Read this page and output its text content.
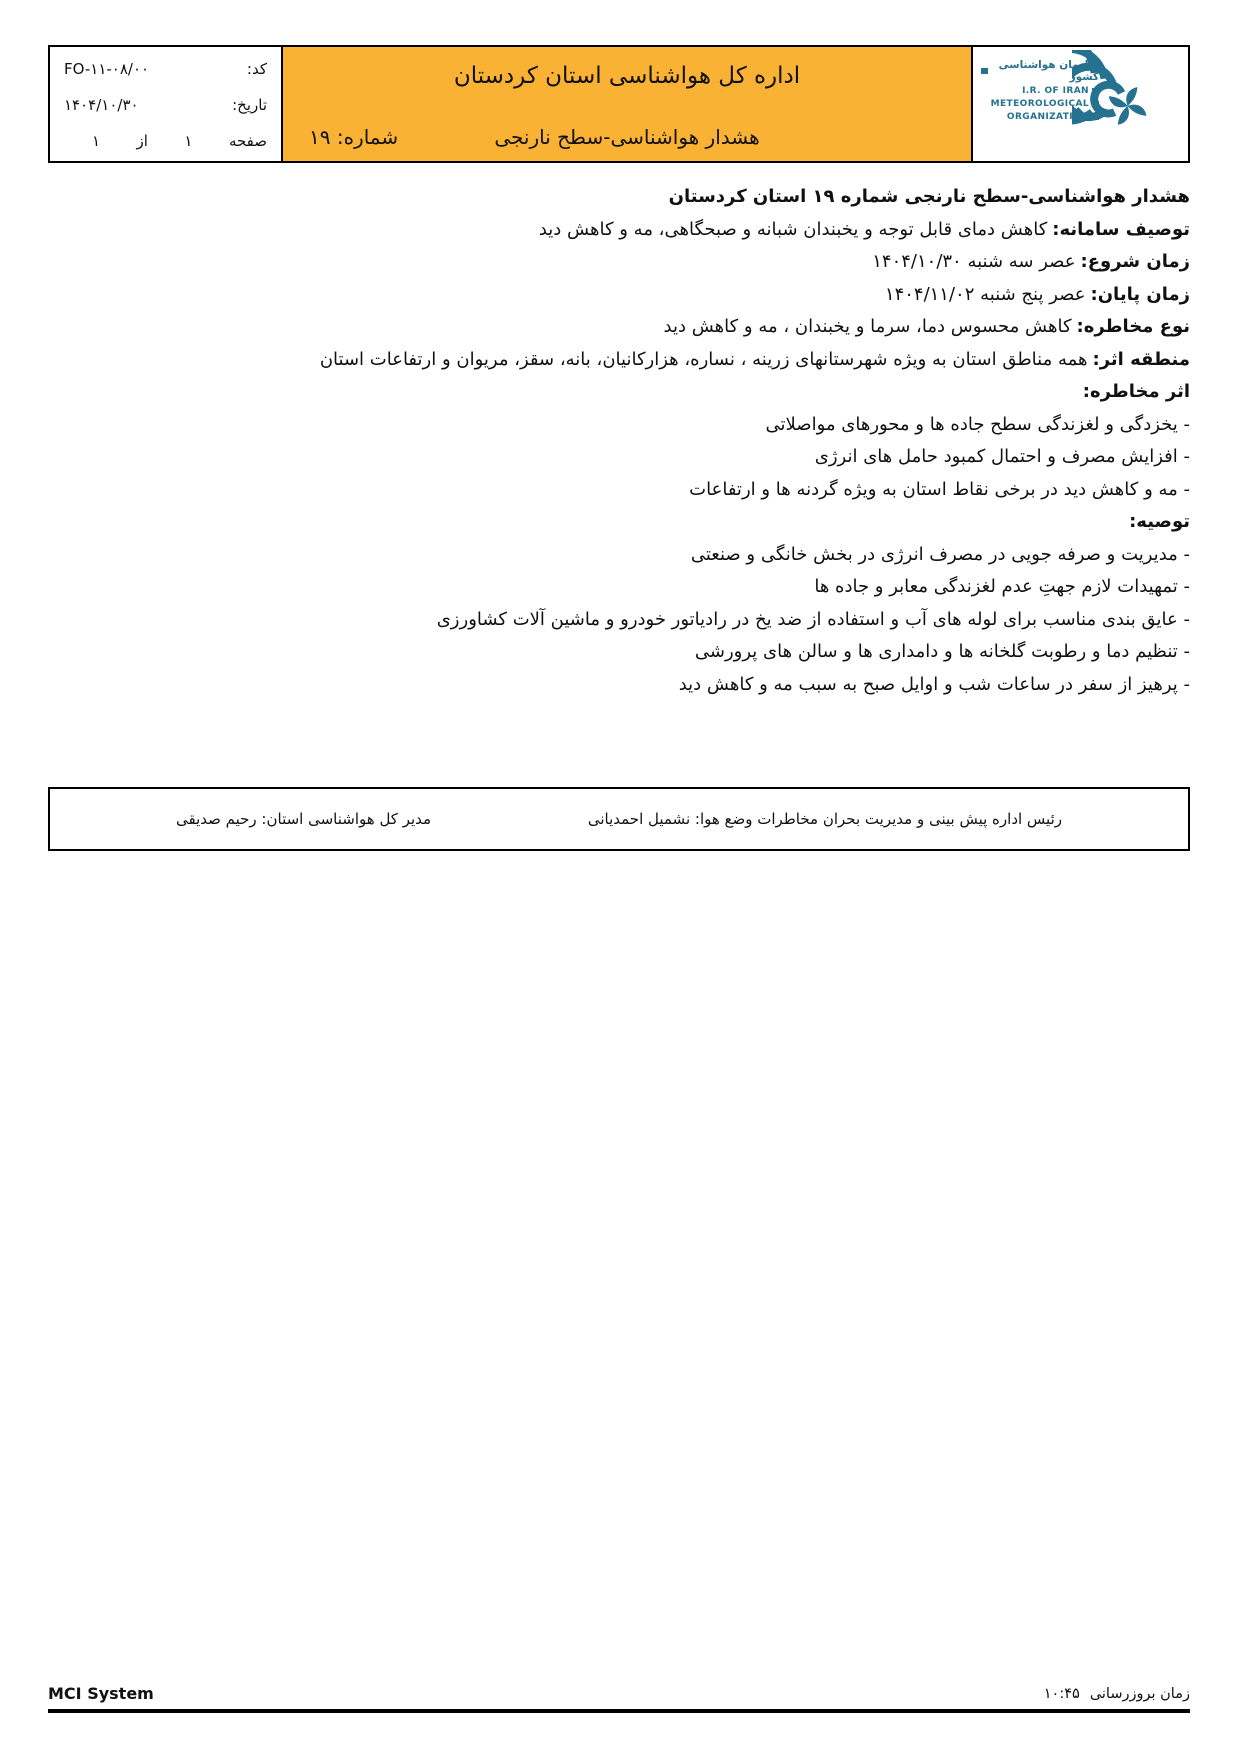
کد:
FO-۱۱-۰۸/۰۰
تاریخ:
۱۴۰۴/۱۰/۳۰
صفحه
۱
از
۱
اداره کل هواشناسی استان کردستان
هشدار هواشناسی-سطح نارنجی
شماره: ۱۹
سازمان هواشناسی کشور
I.R. OF IRAN
METEOROLOGICAL
ORGANIZATION
هشدار هواشناسی-سطح نارنجی شماره ۱۹ استان کردستان
توصیف سامانه:کاهش دمای قابل توجه و یخبندان شبانه و صبحگاهی، مه و کاهش دید
زمان شروع:عصر سه شنبه ۱۴۰۴/۱۰/۳۰
زمان پایان:عصر پنج شنبه ۱۴۰۴/۱۱/۰۲
نوع مخاطره:کاهش محسوس دما، سرما و یخبندان ، مه و کاهش دید
منطقه اثر:همه مناطق استان به ویژه شهرستانهای زرینه ، نساره، هزارکانیان، بانه، سقز، مریوان و ارتفاعات استان
اثر مخاطره:
- یخزدگی و لغزندگی سطح جاده ها و محورهای مواصلاتی
- افزایش مصرف و احتمال کمبود حامل های انرژی
- مه و کاهش دید در برخی نقاط استان به ویژه گردنه ها و ارتفاعات
توصیه:
- مدیریت و صرفه جویی در مصرف انرژی در بخش خانگی و صنعتی
- تمهیدات لازم جهتِ عدم لغزندگی معابر و جاده ها
- عایق بندی مناسب برای لوله های آب و استفاده از ضد یخ در رادیاتور خودرو و ماشین آلات کشاورزی
- تنظیم دما و رطوبت گلخانه ها و دامداری ها و سالن های پرورشی
- پرهیز از سفر در ساعات شب و اوایل صبح به سبب مه و کاهش دید
رئیس اداره پیش بینی و مدیریت بحران مخاطرات وضع هوا: نشمیل احمدیانی
مدیر کل هواشناسی استان: رحیم صدیقی
MCI System	زمان بروزرسانی
۱۰:۴۵
